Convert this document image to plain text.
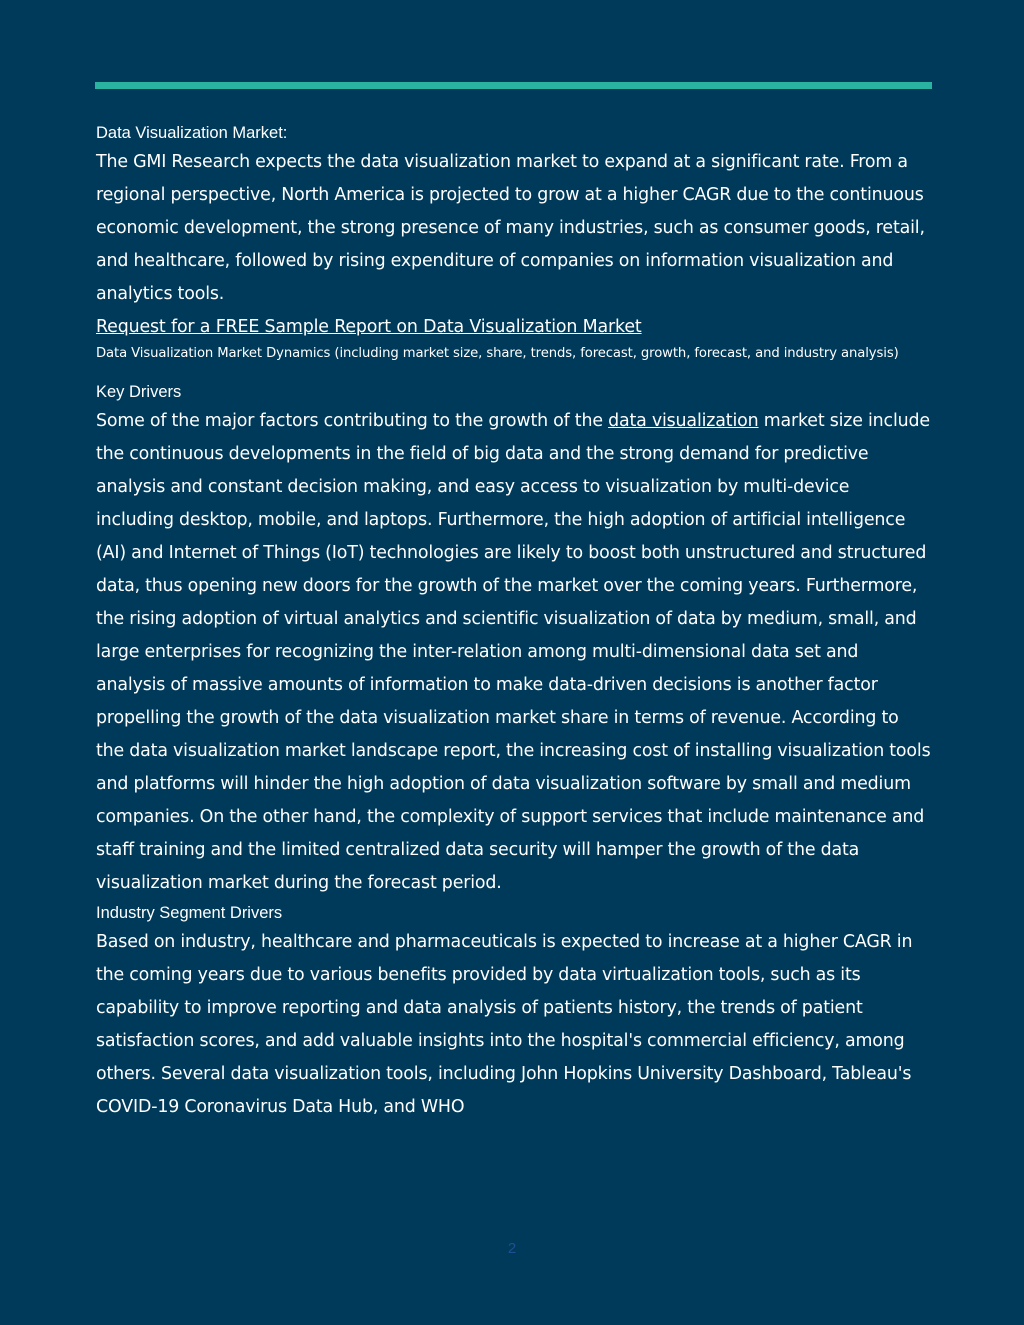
Data Visualization Market:

The GMI Research expects the data visualization market to expand at a significant rate. From a regional perspective, North America is projected to grow at a higher CAGR due to the continuous economic development, the strong presence of many industries, such as consumer goods, retail, and healthcare, followed by rising expenditure of companies on information visualization and analytics tools.

Request for a FREE Sample Report on Data Visualization Market

Data Visualization Market Dynamics (including market size, share, trends, forecast, growth, forecast, and industry analysis)

Key Drivers

Some of the major factors contributing to the growth of the data visualization market size include the continuous developments in the field of big data and the strong demand for predictive analysis and constant decision making, and easy access to visualization by multi-device including desktop, mobile, and laptops. Furthermore, the high adoption of artificial intelligence (AI) and Internet of Things (IoT) technologies are likely to boost both unstructured and structured data, thus opening new doors for the growth of the market over the coming years. Furthermore, the rising adoption of virtual analytics and scientific visualization of data by medium, small, and large enterprises for recognizing the inter-relation among multi-dimensional data set and analysis of massive amounts of information to make data-driven decisions is another factor propelling the growth of the data visualization market share in terms of revenue. According to the data visualization market landscape report, the increasing cost of installing visualization tools and platforms will hinder the high adoption of data visualization software by small and medium companies. On the other hand, the complexity of support services that include maintenance and staff training and the limited centralized data security will hamper the growth of the data visualization market during the forecast period.

Industry Segment Drivers

Based on industry, healthcare and pharmaceuticals is expected to increase at a higher CAGR in the coming years due to various benefits provided by data virtualization tools, such as its capability to improve reporting and data analysis of patients history, the trends of patient satisfaction scores, and add valuable insights into the hospital's commercial efficiency, among others. Several data visualization tools, including John Hopkins University Dashboard, Tableau's COVID-19 Coronavirus Data Hub, and WHO

2
